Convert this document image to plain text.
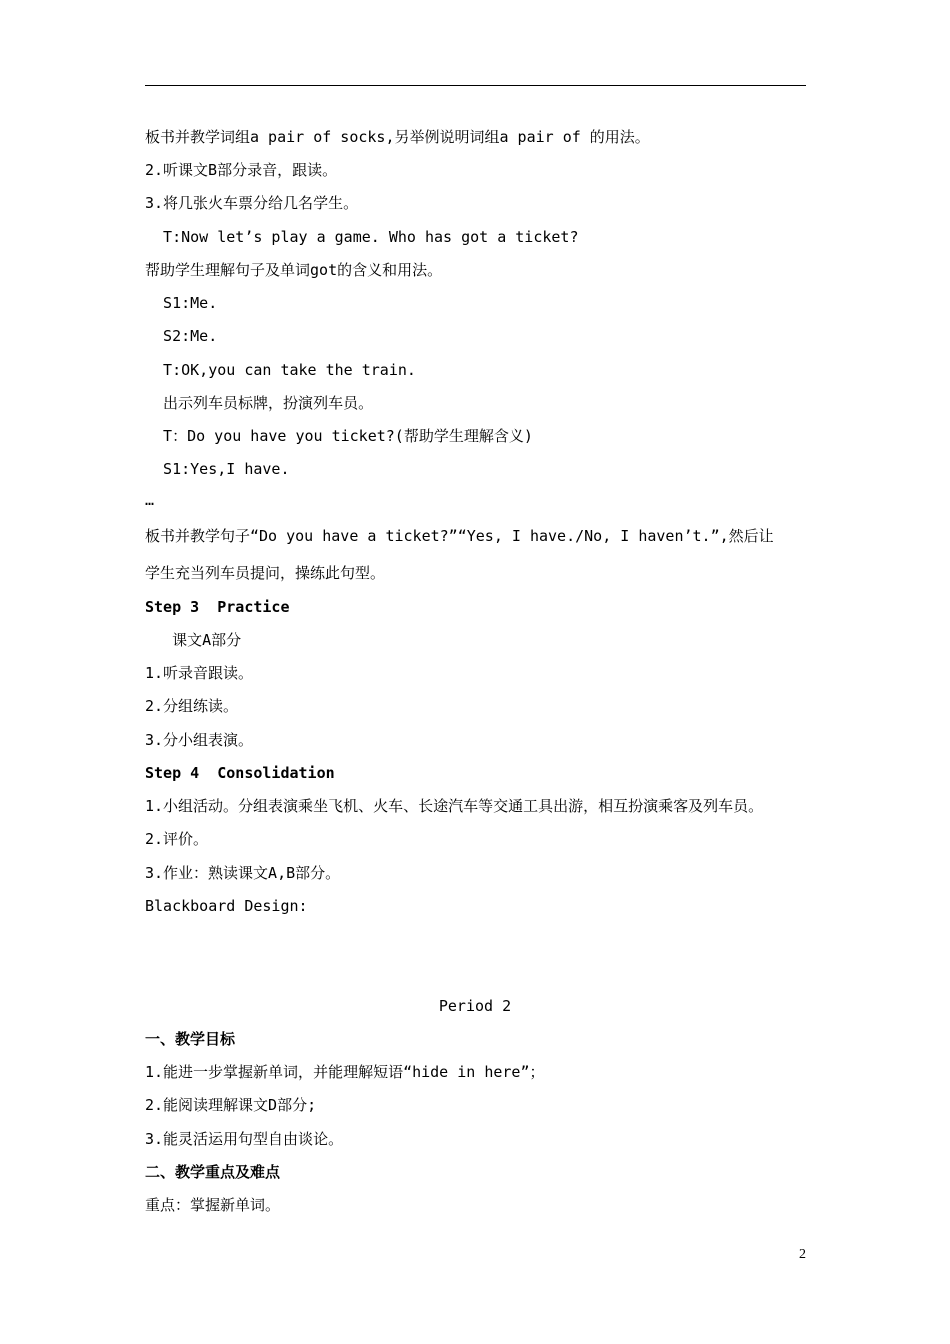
板书并教学词组a pair of socks,另举例说明词组a pair of 的用法。
2.听课文B部分录音，跟读。
3.将几张火车票分给几名学生。
T:Now let’s play a game. Who has got a ticket?
帮助学生理解句子及单词got的含义和用法。
S1:Me.
S2:Me.
T:OK,you can take the train.
出示列车员标牌，扮演列车员。
T：Do you have you ticket?(帮助学生理解含义)
S1:Yes,I have.
…
板书并教学句子“Do you have a ticket?”“Yes, I have./No, I haven’t.”,然后让
学生充当列车员提问，操练此句型。
Step 3  Practice
课文A部分
1.听录音跟读。
2.分组练读。
3.分小组表演。
Step 4  Consolidation
1.小组活动。分组表演乘坐飞机、火车、长途汽车等交通工具出游，相互扮演乘客及列车员。
2.评价。
3.作业：熟读课文A,B部分。
Blackboard Design:
Period 2
一、教学目标
1.能进一步掌握新单词，并能理解短语“hide in here”；
2.能阅读理解课文D部分;
3.能灵活运用句型自由谈论。
二、教学重点及难点
重点：掌握新单词。
2
